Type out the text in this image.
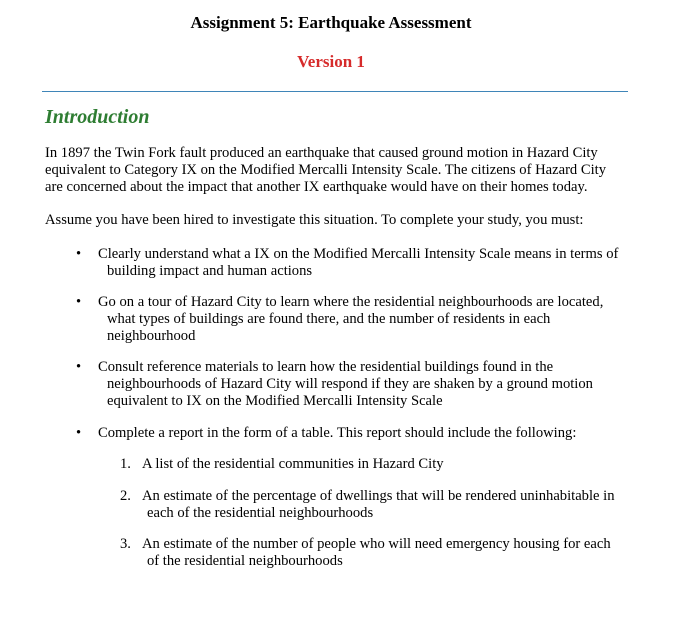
Assignment 5: Earthquake Assessment
Version 1
Introduction

In 1897 the Twin Fork fault produced an earthquake that caused ground motion in Hazard City equivalent to Category IX on the Modified Mercalli Intensity Scale. The citizens of Hazard City are concerned about the impact that another IX earthquake would have on their homes today.

Assume you have been hired to investigate this situation. To complete your study, you must:

•	Clearly understand what a IX on the Modified Mercalli Intensity Scale means in terms of building impact and human actions
•	Go on a tour of Hazard City to learn where the residential neighbourhoods are located, what types of buildings are found there, and the number of residents in each neighbourhood
•	Consult reference materials to learn how the residential buildings found in the neighbourhoods of Hazard City will respond if they are shaken by a ground motion equivalent to IX on the Modified Mercalli Intensity Scale
•	Complete a report in the form of a table. This report should include the following:
1. A list of the residential communities in Hazard City
2. An estimate of the percentage of dwellings that will be rendered uninhabitable in each of the residential neighbourhoods
3. An estimate of the number of people who will need emergency housing for each of the residential neighbourhoods
